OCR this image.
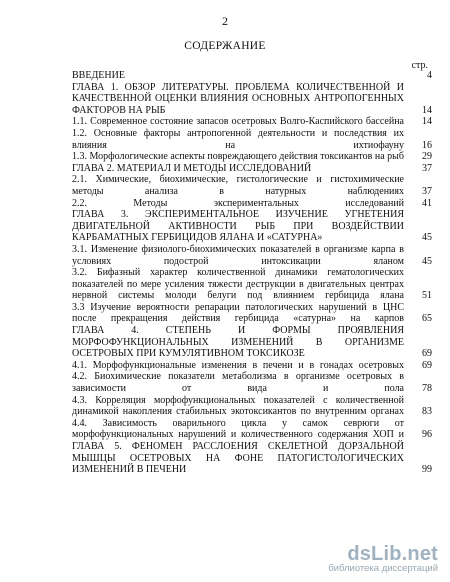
2
СОДЕРЖАНИЕ
стр.
ВВЕДЕНИЕ .....	4
ГЛАВА 1. ОБЗОР ЛИТЕРАТУРЫ. ПРОБЛЕМА КОЛИЧЕСТВЕННОЙ И КАЧЕСТВЕННОЙ ОЦЕНКИ ВЛИЯНИЯ ОСНОВНЫХ АНТРОПОГЕННЫХ ФАКТОРОВ НА РЫБ	14
1.1. Современное состояние запасов осетровых Волго-Каспийского бассейна .....	14
1.2. Основные факторы антропогенной деятельности и последствия их влияния на ихтиофауну .....	16
1.3. Морфологические аспекты повреждающего действия токсикантов на рыб .....	29
ГЛАВА 2. МАТЕРИАЛ И МЕТОДЫ ИССЛЕДОВАНИЙ	37
2.1. Химические, биохимические, гистологические и гистохимические методы анализа в натурных наблюдениях .....	37
2.2. Методы экспериментальных исследований .....	41
ГЛАВА 3. ЭКСПЕРИМЕНТАЛЬНОЕ ИЗУЧЕНИЕ УГНЕТЕНИЯ ДВИГАТЕЛЬНОЙ АКТИВНОСТИ РЫБ ПРИ ВОЗДЕЙСТВИИ КАРБАМАТНЫХ ГЕРБИЦИДОВ ЯЛАНА И «САТУРНА»	45
3.1. Изменение физиолого-биохимических показателей в организме карпа в условиях подострой интоксикации яланом .....	45
3.2. Бифазный характер количественной динамики гематологических показателей по мере усиления тяжести деструкции в двигательных центрах нервной системы молоди белуги под влиянием гербицида ялана .....	51
3.3 Изучение вероятности репарации патологических нарушений в ЦНС после прекращения действия гербицида «сатурна» на карпов .....	65
ГЛАВА 4. СТЕПЕНЬ И ФОРМЫ ПРОЯВЛЕНИЯ МОРФОФУНКЦИОНАЛЬНЫХ ИЗМЕНЕНИЙ В ОРГАНИЗМЕ ОСЕТРОВЫХ ПРИ КУМУЛЯТИВНОМ ТОКСИКОЗЕ	69
4.1. Морфофункциональные изменения в печени и в гонадах осетровых .....	69
4.2. Биохимические показатели метаболизма в организме осетровых в зависимости от вида и пола .....	78
4.3. Корреляция морфофункциональных показателей с количественной динамикой накопления стабильных экотоксикантов по внутренним органах .....	83
4.4. Зависимость оварильного цикла у самок севрюги от морфофункциональных нарушений и количественного содержания ХОП и .....	96
ГЛАВА 5. ФЕНОМЕН РАССЛОЕНИЯ СКЕЛЕТНОЙ ДОРЗАЛЬНОЙ МЫШЦЫ ОСЕТРОВЫХ НА ФОНЕ ПАТОГИСТОЛОГИЧЕСКИХ ИЗМЕНЕНИЙ В ПЕЧЕНИ	99
dsLib.net
библиотека диссертаций
